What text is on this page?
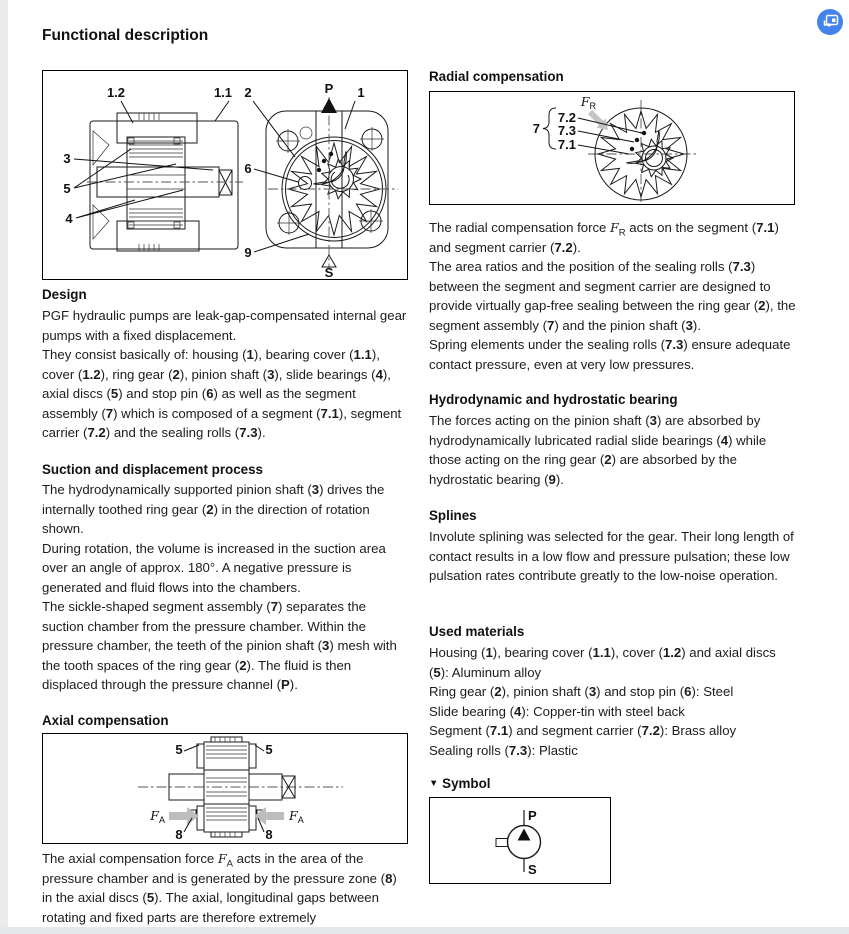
Functional description
1.2	1.1 2	P 1
3
5
4
6
9
S
Design

PGF hydraulic pumps are leak-gap-compensated internal gear pumps with a fixed displacement.

They consist basically of: housing (1), bearing cover (1.1), cover (1.2), ring gear (2), pinion shaft (3), slide bearings (4), axial discs (5) and stop pin (6) as well as the segment assembly (7) which is composed of a segment (7.1), segment carrier (7.2) and the sealing rolls (7.3).

Suction and displacement process

The hydrodynamically supported pinion shaft (3) drives the internally toothed ring gear (2) in the direction of rotation shown.

During rotation, the volume is increased in the suction area over an angle of approx. 180°. A negative pressure is generated and fluid flows into the chambers.

The sickle-shaped segment assembly (7) separates the suction chamber from the pressure chamber. Within the pressure chamber, the teeth of the pinion shaft (3) mesh with the tooth spaces of the ring gear (2). The fluid is then displaced through the pressure channel (P).

Axial compensation
FA	FA
5	5
8	8

The axial compensation force $F_A$ acts in the area of the pressure chamber and is generated by the pressure zone (8) in the axial discs (5). The axial, longitudinal gaps between rotating and fixed parts are therefore extremely

Radial compensation
FR
7
7.2
7.3
7.1

The radial compensation force $F_R$ acts on the segment (7.1) and segment carrier (7.2).

The area ratios and the position of the sealing rolls (7.3) between the segment and segment carrier are designed to provide virtually gap-free sealing between the ring gear (2), the segment assembly (7) and the pinion shaft (3).

Spring elements under the sealing rolls (7.3) ensure adequate contact pressure, even at very low pressures.

Hydrodynamic and hydrostatic bearing

The forces acting on the pinion shaft (3) are absorbed by hydrodynamically lubricated radial slide bearings (4) while those acting on the ring gear (2) are absorbed by the hydrostatic bearing (9).

Splines

Involute splining was selected for the gear. Their long length of contact results in a low flow and pressure pulsation; these low pulsation rates contribute greatly to the low-noise operation.

Used materials
Housing (1), bearing cover (1.1), cover (1.2) and axial discs (5): Aluminum alloy
Ring gear (2), pinion shaft (3) and stop pin (6): Steel
Slide bearing (4): Copper-tin with steel back
Segment (7.1) and segment carrier (7.2): Brass alloy
Sealing rolls (7.3): Plastic
▼ Symbol
P
S
